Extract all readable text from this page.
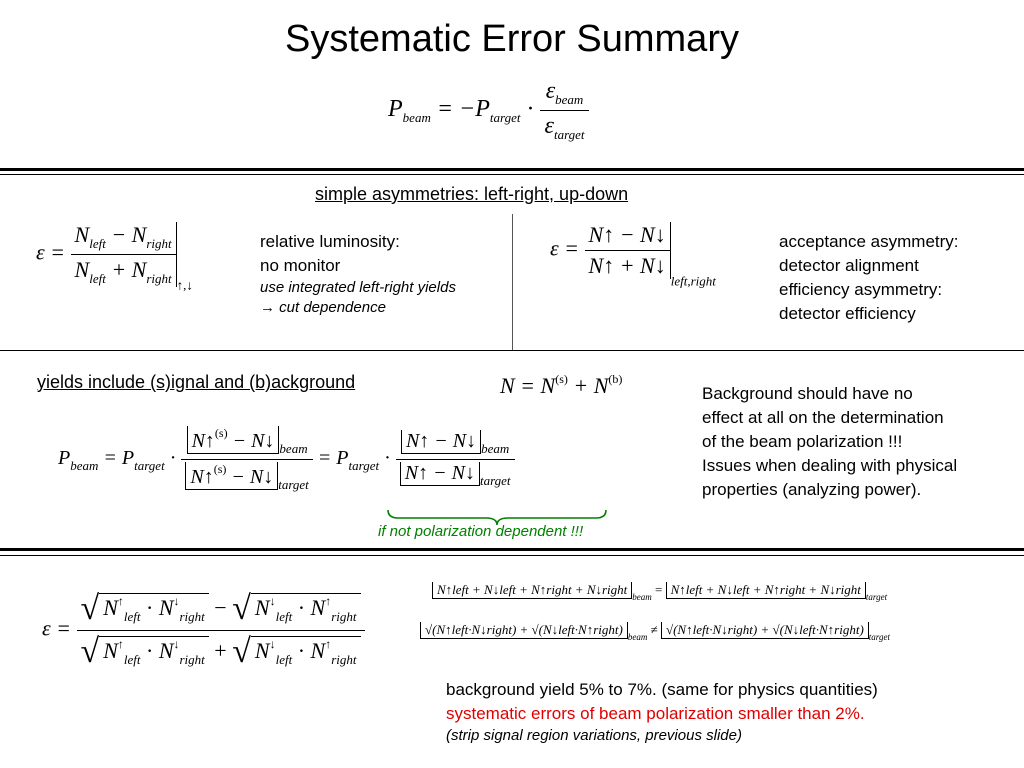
Systematic Error Summary
$P_{beam} = -P_{target} \cdot \frac{\varepsilon_{beam}}{\varepsilon_{target}}$
simple asymmetries: left-right, up-down
$\varepsilon = \frac{N_{left} - N_{right}}{N_{left} + N_{right}} _{↑,↓}$
relative luminosity:
no monitor
use integrated left-right yields
→ cut dependence
$\varepsilon = \frac{N↑ - N↓}{N↑ + N↓}$
$_{left,right}$
acceptance asymmetry:
detector alignment
efficiency asymmetry:
detector efficiency
yields include (s)ignal and (b)ackground	$N = N^{(s)} + N^{(b)}$
$P_{beam} = P_{target} \cdot \frac{N↑^{(s)} - N↓ _{beam}}{N↑^{(s)} - N↓ _{target}} = P_{target} \cdot \frac{N↑ - N↓ _{beam}}{N↑ - N↓ _{target}}$
if not polarization dependent !!!
Background should have no
effect at all on the determination
of the beam polarization !!!
Issues when dealing with physical
properties (analyzing power).
$\varepsilon = \frac{√ N^↑_{left} \cdot N^↓_{right} - √ N^↓_{left} \cdot N^↑_{right}}{√ N^↑_{left} \cdot N^↓_{right} + √ N^↓_{left} \cdot N^↑_{right}}$
N↑left + N↓left + N↑right + N↓right $_{beam}$ = N↑left + N↓left + N↑right + N↓right $_{target}$
√(N↑left·N↓right) + √(N↓left·N↑right) $_{beam}$ ≠ √(N↑left·N↓right) + √(N↓left·N↑right) $_{target}$
background yield 5% to 7%. (same for physics quantities)
systematic errors of beam polarization smaller than 2%.
(strip signal region variations, previous slide)
